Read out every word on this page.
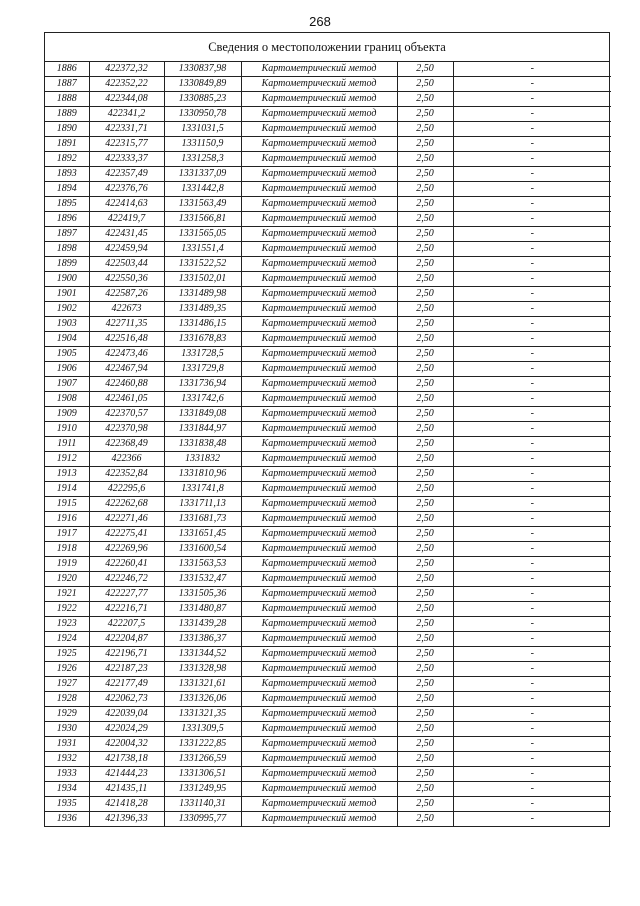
268
Сведения о местоположении границ объекта
1886	422372,32	1330837,98	Картометрический метод	2,50	-
1887	422352,22	1330849,89	Картометрический метод	2,50	-
1888	422344,08	1330885,23	Картометрический метод	2,50	-
1889	422341,2	1330950,78	Картометрический метод	2,50	-
1890	422331,71	1331031,5	Картометрический метод	2,50	-
1891	422315,77	1331150,9	Картометрический метод	2,50	-
1892	422333,37	1331258,3	Картометрический метод	2,50	-
1893	422357,49	1331337,09	Картометрический метод	2,50	-
1894	422376,76	1331442,8	Картометрический метод	2,50	-
1895	422414,63	1331563,49	Картометрический метод	2,50	-
1896	422419,7	1331566,81	Картометрический метод	2,50	-
1897	422431,45	1331565,05	Картометрический метод	2,50	-
1898	422459,94	1331551,4	Картометрический метод	2,50	-
1899	422503,44	1331522,52	Картометрический метод	2,50	-
1900	422550,36	1331502,01	Картометрический метод	2,50	-
1901	422587,26	1331489,98	Картометрический метод	2,50	-
1902	422673	1331489,35	Картометрический метод	2,50	-
1903	422711,35	1331486,15	Картометрический метод	2,50	-
1904	422516,48	1331678,83	Картометрический метод	2,50	-
1905	422473,46	1331728,5	Картометрический метод	2,50	-
1906	422467,94	1331729,8	Картометрический метод	2,50	-
1907	422460,88	1331736,94	Картометрический метод	2,50	-
1908	422461,05	1331742,6	Картометрический метод	2,50	-
1909	422370,57	1331849,08	Картометрический метод	2,50	-
1910	422370,98	1331844,97	Картометрический метод	2,50	-
1911	422368,49	1331838,48	Картометрический метод	2,50	-
1912	422366	1331832	Картометрический метод	2,50	-
1913	422352,84	1331810,96	Картометрический метод	2,50	-
1914	422295,6	1331741,8	Картометрический метод	2,50	-
1915	422262,68	1331711,13	Картометрический метод	2,50	-
1916	422271,46	1331681,73	Картометрический метод	2,50	-
1917	422275,41	1331651,45	Картометрический метод	2,50	-
1918	422269,96	1331600,54	Картометрический метод	2,50	-
1919	422260,41	1331563,53	Картометрический метод	2,50	-
1920	422246,72	1331532,47	Картометрический метод	2,50	-
1921	422227,77	1331505,36	Картометрический метод	2,50	-
1922	422216,71	1331480,87	Картометрический метод	2,50	-
1923	422207,5	1331439,28	Картометрический метод	2,50	-
1924	422204,87	1331386,37	Картометрический метод	2,50	-
1925	422196,71	1331344,52	Картометрический метод	2,50	-
1926	422187,23	1331328,98	Картометрический метод	2,50	-
1927	422177,49	1331321,61	Картометрический метод	2,50	-
1928	422062,73	1331326,06	Картометрический метод	2,50	-
1929	422039,04	1331321,35	Картометрический метод	2,50	-
1930	422024,29	1331309,5	Картометрический метод	2,50	-
1931	422004,32	1331222,85	Картометрический метод	2,50	-
1932	421738,18	1331266,59	Картометрический метод	2,50	-
1933	421444,23	1331306,51	Картометрический метод	2,50	-
1934	421435,11	1331249,95	Картометрический метод	2,50	-
1935	421418,28	1331140,31	Картометрический метод	2,50	-
1936	421396,33	1330995,77	Картометрический метод	2,50	-
